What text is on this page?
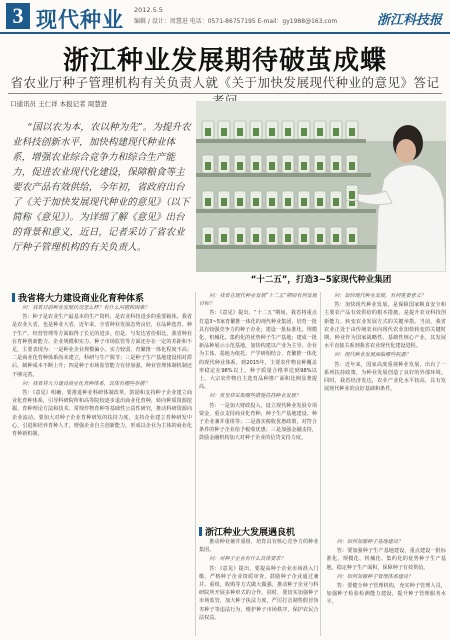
3 现代种业 2012.5.5
编辑 / 设计：周慧进 电话：0571-86757195 E-mail：gy1988@163.com	浙江科技报
浙江种业发展期待破茧成蝶
省农业厅种子管理机构有关负责人就《关于加快发展现代种业的意见》答记
口通讯员 王仁祥 本报记者 周慧进
“国以农为本，农以种为先”。为提升农业科技创新水平，加快构建现代种业体系，增强农业综合竞争力和综合生产能力，促进农业现代化建设，保障粮食等主要农产品有效供给，今年初，省政府出台了《关于加快发展现代种业的意见》（以下简称《意见》）。为详细了解《意见》出台的背景和意义，近日，记者采访了省农业厅种子管理机构的有关负责人。
“十二五”，打造3~5家现代种业集团
我省将大力建设商业化育种体系

问：我省目前种业发展状况怎么样？有什么问题和困难？

答：种子是农业生产最基本的生产资料，是农业科技进步的重要载体。我省是农业大省，也是种业大省，近年来，全省种业发展态势良好，在品种选育、种子生产、经营管理等方面取得了长足的进步。但是，与发达省份相比，我省种业在育种创新能力、企业规模和实力、种子市场监管等方面还存在一定的差距和不足，主要表现为：一是种业企业规模偏小、实力较弱，育繁推一体化程度不高；二是商业化育种体系尚未建立，科研与生产脱节；三是种子生产基地建设相对滞后，制种成本不断上升；四是种子市场监管能力有待加强，种业管理体制机制还不够完善。

问：我省将大力建设商业化育种体系，具体有哪些举措？

答：《意见》明确，要推进种业科研体制改革，鼓励和支持种子企业建立商业化育种体系，引导科研院所和高等院校逐步退出商业化育种，转向种质资源挖掘、育种理论方法和技术、常规作物育种等基础性公益性研究，推动科研资源向企业流动。要加大对种子企业育种研发的扶持力度，支持企业建立育种研发中心，引进和培养育种人才，增强企业自主创新能力，形成以企业为主体的商业化育种新机制。

问：我省在现代种业发展“十二五”期间有何发展目标？

答：《意见》提出，“十二五”期间，我省将重点打造3~5家育繁推一体化的现代种业集团，培育一批具有较强竞争力的种子企业；建设一批标准化、规模化、机械化、集约化的优势种子生产基地；建成一批新品种展示示范基地，加快构建以产业为主导、企业为主体、基地为依托、产学研相结合、育繁推一体化的现代种业体系。到2015年，主要农作物良种覆盖率稳定在98%以上，种子质量合格率达到98%以上，大宗农作物自主选育品种推广面积比例显著提高。

问：省里将采取哪些措施扶持种业发展？

答：一是加大财政投入，设立现代种业发展专项资金，重点支持商业化育种、种子生产基地建设、种子企业兼并重组等；二是落实税收优惠政策，对符合条件的种子企业给予税收优惠；三是加强金融支持，鼓励金融机构加大对种子企业的信贷支持力度。

问：加快现代种业发展，有何重要意义？

答：加快现代种业发展，是保障国家粮食安全和主要农产品有效供给的根本措施，是提升农业科技创新能力、转变农业发展方式的关键举措。当前，我省农业正处于由传统农业向现代农业加快转变的关键时期，种业作为国家战略性、基础性核心产业，其发展水平直接关系到我省农业现代化建设进程。

问：现代种业发展面临哪些机遇？

答：近年来，国家高度重视种业发展，出台了一系列扶持政策，为种业发展创造了良好的外部环境。同时，我省经济发达，农业产业化水平较高，具有发展现代种业的良好基础和条件。

浙江种业大发展遇良机

推动种业兼并重组，培育具有核心竞争力的种业集团。

问：对种子企业有什么具体要求？

答：《意见》提出，要提高种子企业市场准入门槛，严格种子企业资质审查，鼓励种子企业通过兼并、重组、收购等方式做大做强，推动种子企业与科研院所开展多种形式的合作。同时，要切实加强种子市场监管，加大种子执法力度，严厉打击制售假冒伪劣种子等违法行为，维护种子市场秩序，保护农民合法权益。

问：如何加强种子基地建设？

答：要加强种子生产基地建设，重点建设一批标准化、规模化、机械化、集约化的优势种子生产基地，稳定种子生产面积，保障种子有效供给。

问：如何加强种子管理体系建设？

答：要健全种子管理机构，充实种子管理人员，加强种子检验检测能力建设，提升种子管理服务水平。
